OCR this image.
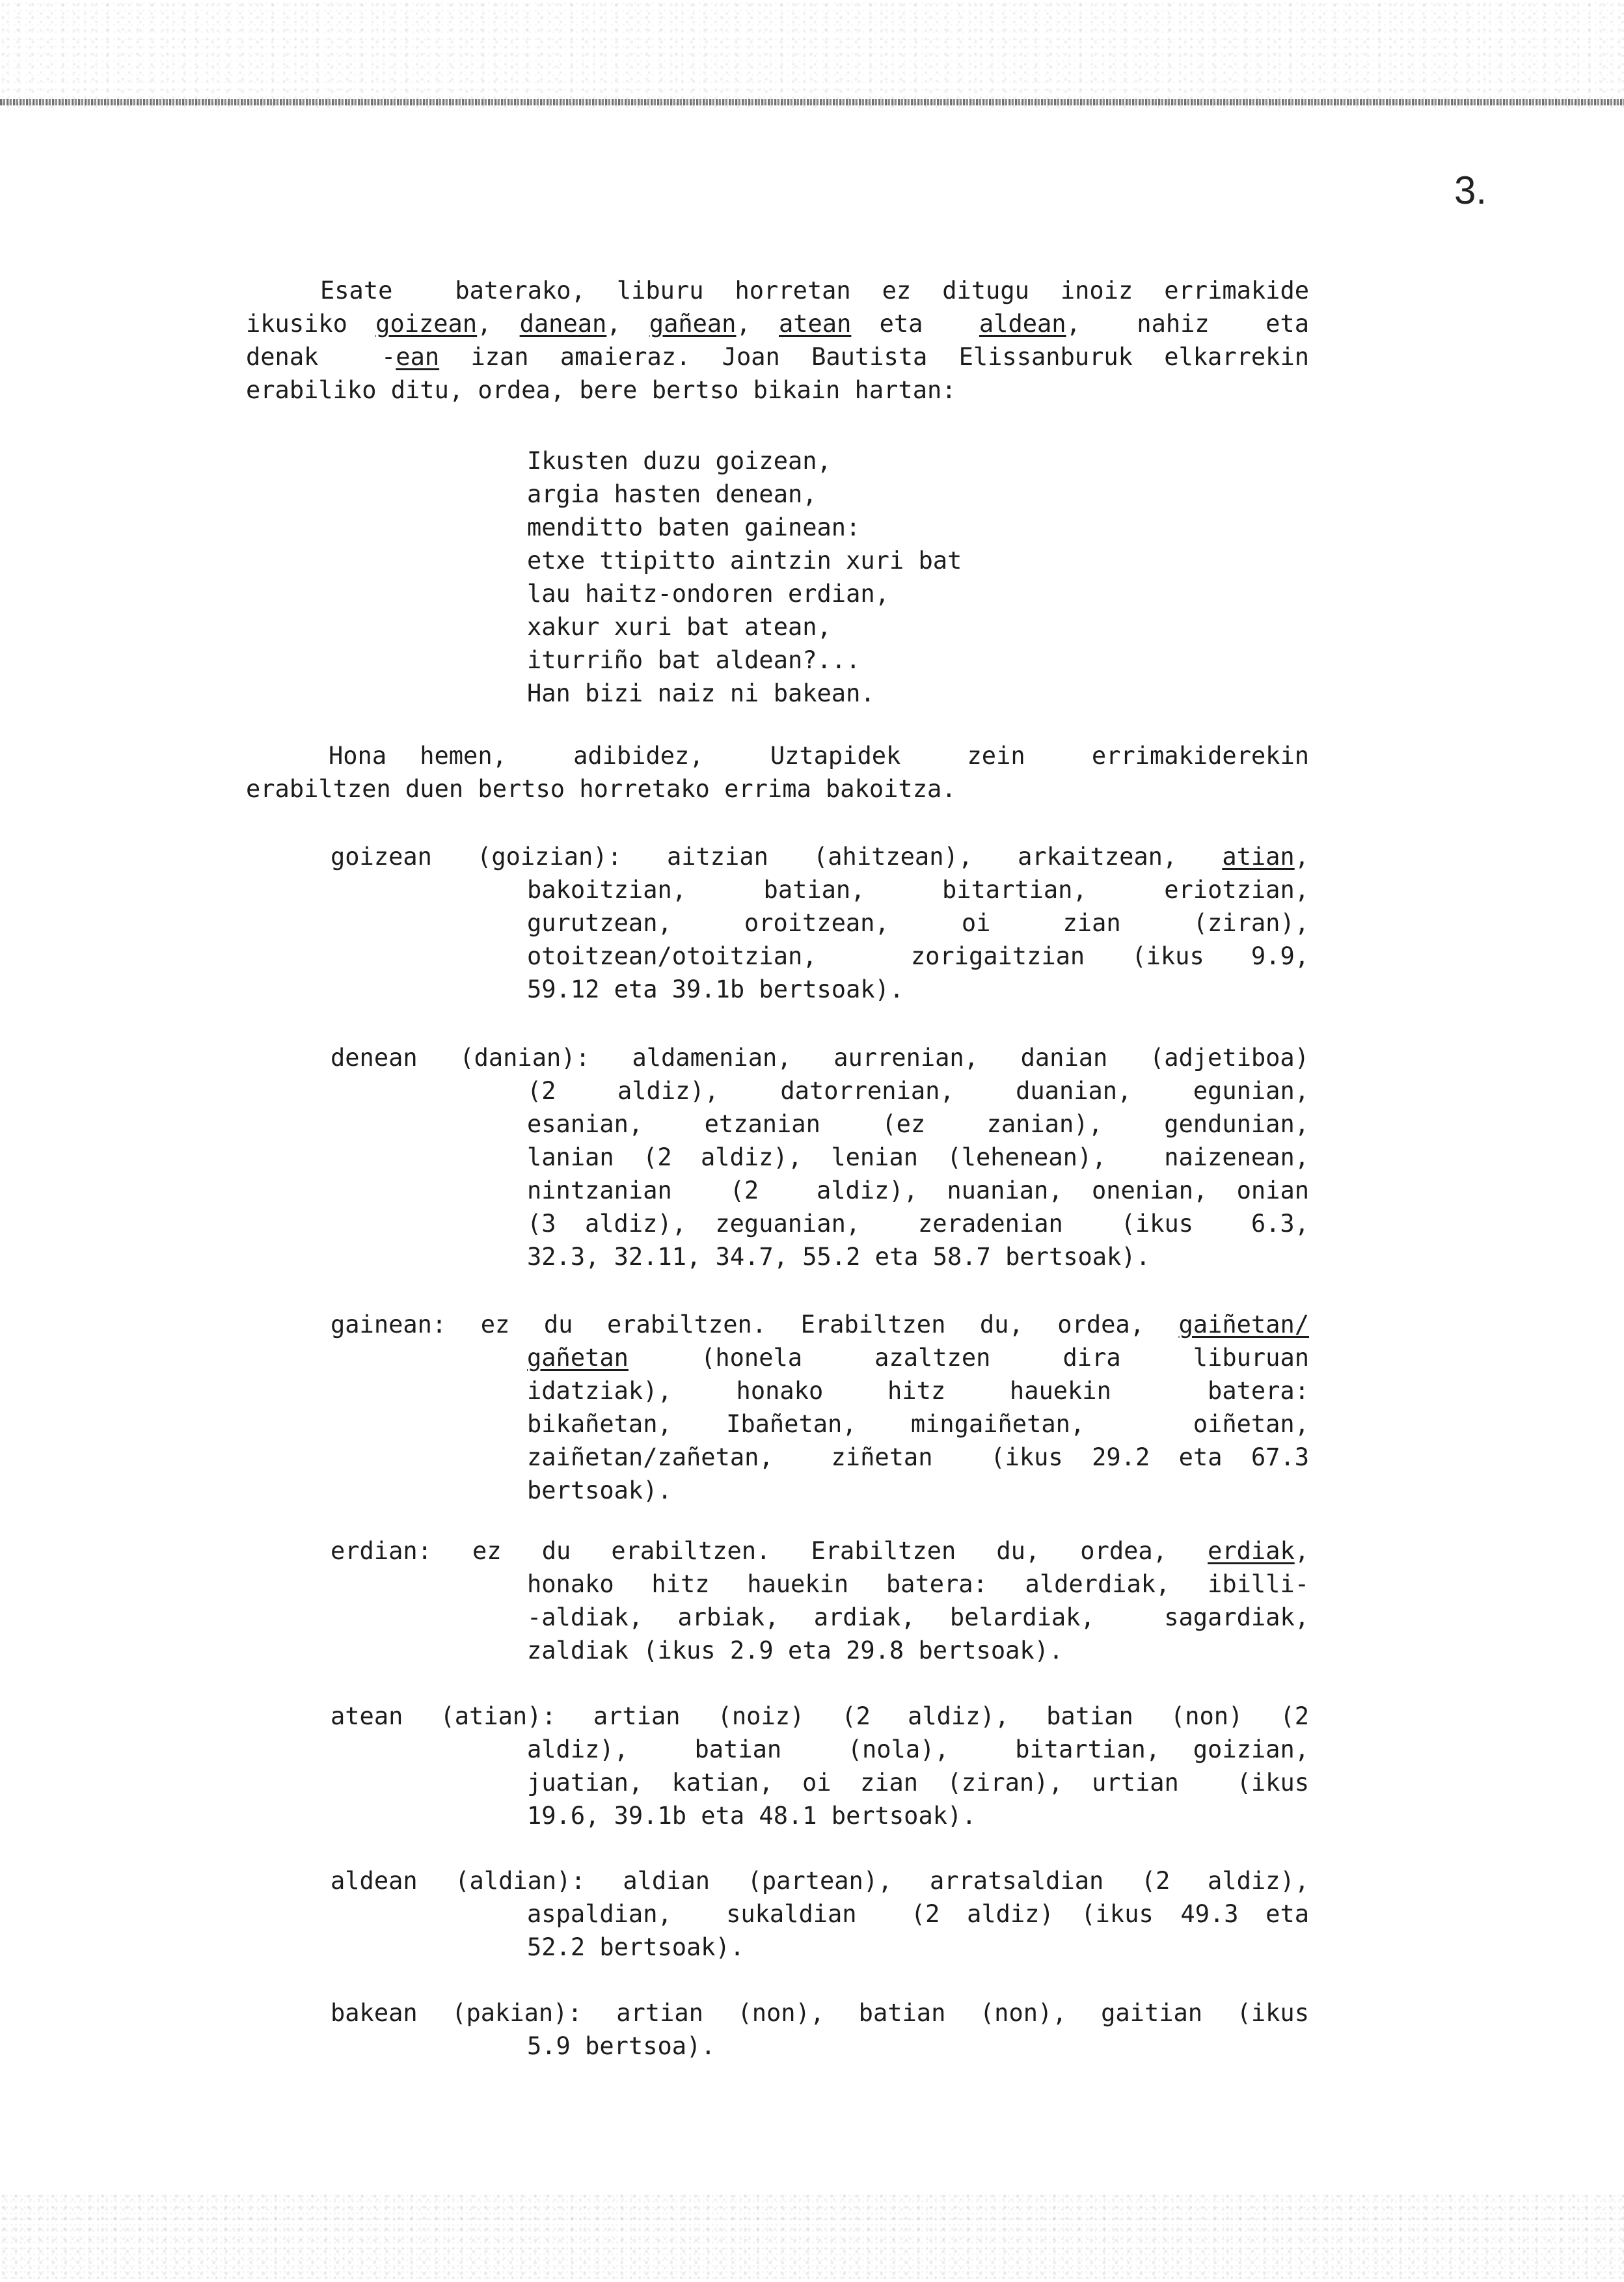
3.
Esate  baterako, liburu horretan ez ditugu inoiz errimakide
ikusiko goizean, danean, gañean, atean eta  aldean,  nahiz  eta
denak  -ean izan amaieraz. Joan Bautista Elissanburuk elkarrekin
erabiliko ditu, ordea, bere bertso bikain hartan:
Ikusten duzu goizean,
argia hasten denean,
menditto baten gainean:
etxe ttipitto aintzin xuri bat
lau haitz-ondoren erdian,
xakur xuri bat atean,
iturriño bat aldean?...
Han bizi naiz ni bakean.
Hona hemen,  adibidez,  Uztapidek  zein  errimakiderekin
erabiltzen duen bertso horretako errima bakoitza.
goizean (goizian): aitzian (ahitzean), arkaitzean, atian,
bakoitzian,  batian,  bitartian,  eriotzian,
gurutzean,  oroitzean,  oi  zian  (ziran),
otoitzean/otoitzian,  zorigaitzian (ikus 9.9,
59.12 eta 39.1b bertsoak).
denean (danian): aldamenian, aurrenian, danian (adjetiboa)
(2  aldiz),  datorrenian,  duanian,  egunian,
esanian,  etzanian  (ez  zanian),  gendunian,
lanian (2 aldiz), lenian (lehenean),  naizenean,
nintzanian  (2  aldiz), nuanian, onenian, onian
(3 aldiz), zeguanian,  zeradenian  (ikus  6.3,
32.3, 32.11, 34.7, 55.2 eta 58.7 bertsoak).
gainean: ez du erabiltzen. Erabiltzen du, ordea, gaiñetan/
gañetan  (honela  azaltzen  dira  liburuan
idatziak),  honako  hitz  hauekin   batera:
bikañetan, Ibañetan, mingaiñetan,  oiñetan,
zaiñetan/zañetan,  ziñetan  (ikus 29.2 eta 67.3
bertsoak).
erdian: ez du erabiltzen. Erabiltzen du, ordea, erdiak,
honako hitz hauekin batera: alderdiak, ibilli-
-aldiak, arbiak, ardiak, belardiak,  sagardiak,
zaldiak (ikus 2.9 eta 29.8 bertsoak).
atean (atian): artian (noiz) (2 aldiz), batian (non) (2
aldiz),  batian  (nola),  bitartian, goizian,
juatian, katian, oi zian (ziran), urtian  (ikus
19.6, 39.1b eta 48.1 bertsoak).
aldean (aldian): aldian (partean), arratsaldian (2 aldiz),
aspaldian,  sukaldian  (2 aldiz) (ikus 49.3 eta
52.2 bertsoak).
bakean (pakian): artian (non), batian (non), gaitian (ikus
5.9 bertsoa).
